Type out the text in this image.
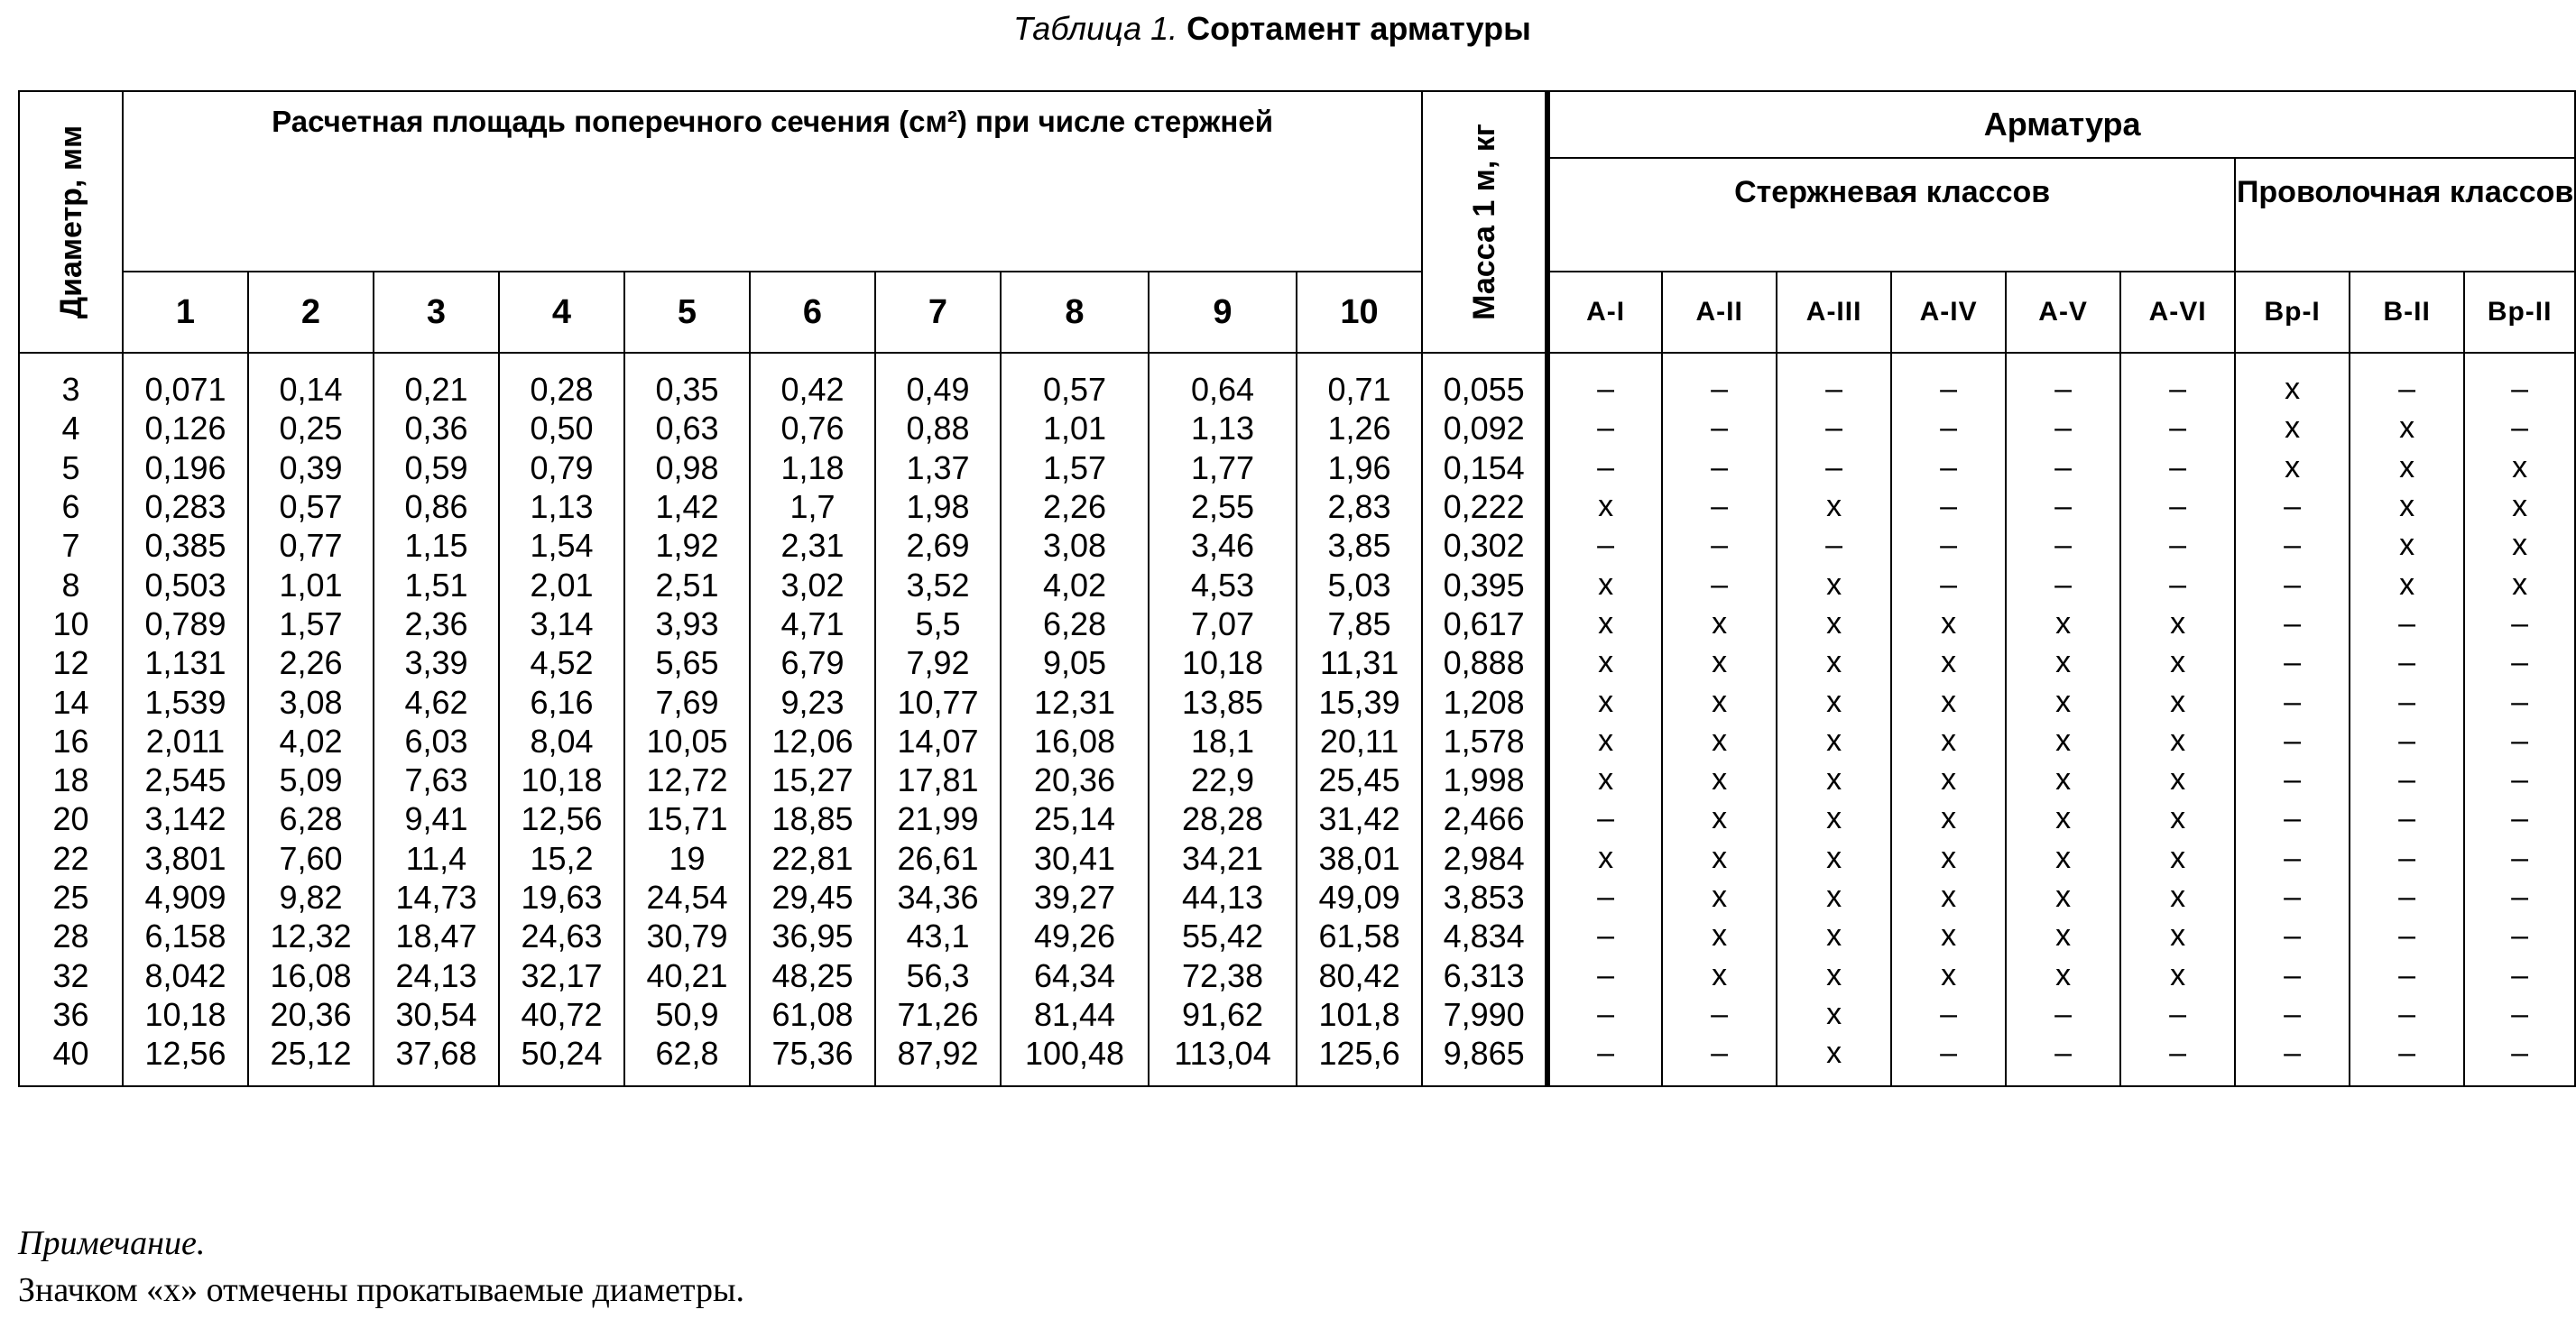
Таблица 1. Сортамент арматуры
Диаметр, мм	Расчетная площадь поперечного сечения (см²) при числе стержней										Масса 1 м, кг	Арматура								
												Стержневая классов						Проволочная классов		
	1	2	3	4	5	6	7	8	9	10		A-I	A-II	A-III	A-IV	A-V	A-VI	Bp-I	B-II	Bp-II
3	0,071	0,14	0,21	0,28	0,35	0,42	0,49	0,57	0,64	0,71	0,055	–	–	–	–	–	–	x	–	–
4	0,126	0,25	0,36	0,50	0,63	0,76	0,88	1,01	1,13	1,26	0,092	–	–	–	–	–	–	x	x	–
5	0,196	0,39	0,59	0,79	0,98	1,18	1,37	1,57	1,77	1,96	0,154	–	–	–	–	–	–	x	x	x
6	0,283	0,57	0,86	1,13	1,42	1,7	1,98	2,26	2,55	2,83	0,222	x	–	x	–	–	–	–	x	x
7	0,385	0,77	1,15	1,54	1,92	2,31	2,69	3,08	3,46	3,85	0,302	–	–	–	–	–	–	–	x	x
8	0,503	1,01	1,51	2,01	2,51	3,02	3,52	4,02	4,53	5,03	0,395	x	–	x	–	–	–	–	x	x
10	0,789	1,57	2,36	3,14	3,93	4,71	5,5	6,28	7,07	7,85	0,617	x	x	x	x	x	x	–	–	–
12	1,131	2,26	3,39	4,52	5,65	6,79	7,92	9,05	10,18	11,31	0,888	x	x	x	x	x	x	–	–	–
14	1,539	3,08	4,62	6,16	7,69	9,23	10,77	12,31	13,85	15,39	1,208	x	x	x	x	x	x	–	–	–
16	2,011	4,02	6,03	8,04	10,05	12,06	14,07	16,08	18,1	20,11	1,578	x	x	x	x	x	x	–	–	–
18	2,545	5,09	7,63	10,18	12,72	15,27	17,81	20,36	22,9	25,45	1,998	x	x	x	x	x	x	–	–	–
20	3,142	6,28	9,41	12,56	15,71	18,85	21,99	25,14	28,28	31,42	2,466	–	x	x	x	x	x	–	–	–
22	3,801	7,60	11,4	15,2	19	22,81	26,61	30,41	34,21	38,01	2,984	x	x	x	x	x	x	–	–	–
25	4,909	9,82	14,73	19,63	24,54	29,45	34,36	39,27	44,13	49,09	3,853	–	x	x	x	x	x	–	–	–
28	6,158	12,32	18,47	24,63	30,79	36,95	43,1	49,26	55,42	61,58	4,834	–	x	x	x	x	x	–	–	–
32	8,042	16,08	24,13	32,17	40,21	48,25	56,3	64,34	72,38	80,42	6,313	–	x	x	x	x	x	–	–	–
36	10,18	20,36	30,54	40,72	50,9	61,08	71,26	81,44	91,62	101,8	7,990	–	–	x	–	–	–	–	–	–
40	12,56	25,12	37,68	50,24	62,8	75,36	87,92	100,48	113,04	125,6	9,865	–	–	x	–	–	–	–	–	–
Примечание.
Значком «х» отмечены прокатываемые диаметры.
